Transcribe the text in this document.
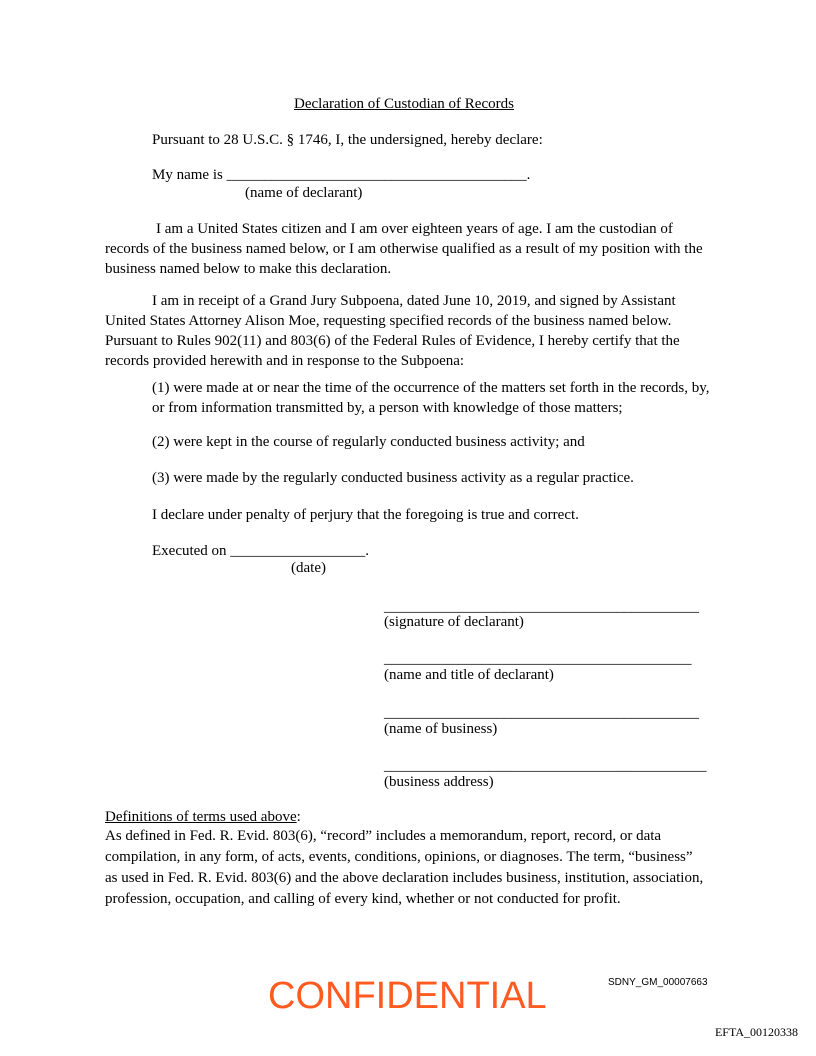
Declaration of Custodian of Records
Pursuant to 28 U.S.C. § 1746, I, the undersigned, hereby declare:
My name is ________________________________________.
(name of declarant)
I am a United States citizen and I am over eighteen years of age. I am the custodian of records of the business named below, or I am otherwise qualified as a result of my position with the business named below to make this declaration.
I am in receipt of a Grand Jury Subpoena, dated June 10, 2019, and signed by Assistant United States Attorney Alison Moe, requesting specified records of the business named below. Pursuant to Rules 902(11) and 803(6) of the Federal Rules of Evidence, I hereby certify that the records provided herewith and in response to the Subpoena:
(1) were made at or near the time of the occurrence of the matters set forth in the records, by, or from information transmitted by, a person with knowledge of those matters;
(2) were kept in the course of regularly conducted business activity; and
(3) were made by the regularly conducted business activity as a regular practice.
I declare under penalty of perjury that the foregoing is true and correct.
Executed on __________________.
(date)
__________________________________________
(signature of declarant)
_________________________________________
(name and title of declarant)
__________________________________________
(name of business)
___________________________________________
(business address)
Definitions of terms used above:
As defined in Fed. R. Evid. 803(6), “record” includes a memorandum, report, record, or data compilation, in any form, of acts, events, conditions, opinions, or diagnoses. The term, “business” as used in Fed. R. Evid. 803(6) and the above declaration includes business, institution, association, profession, occupation, and calling of every kind, whether or not conducted for profit.
CONFIDENTIAL	SDNY_GM_00007663
EFTA_00120338
